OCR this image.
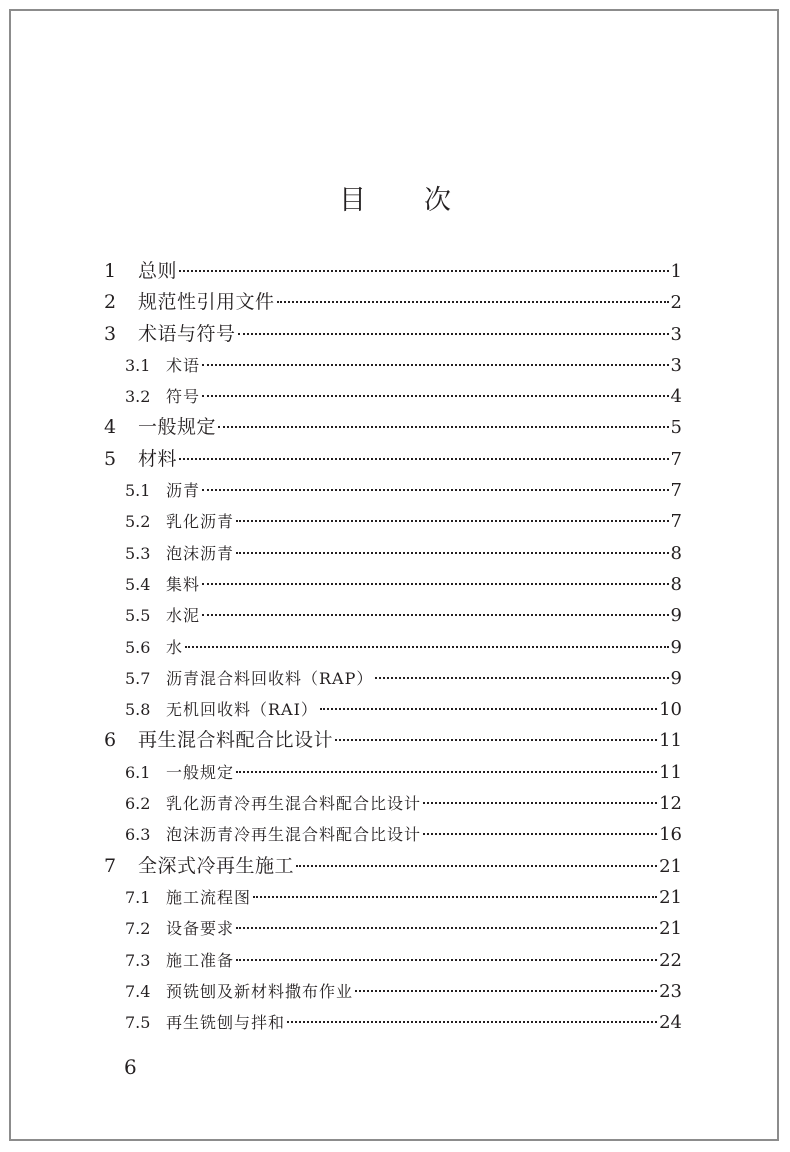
目 次
1	总则	1
2	规范性引用文件	2
3	术语与符号	3
3.1 术语	3
3.2 符号	4
4	一般规定	5
5	材料	7
5.1 沥青	7
5.2 乳化沥青	7
5.3 泡沫沥青	8
5.4 集料	8
5.5 水泥	9
5.6 水	9
5.7 沥青混合料回收料（RAP）	9
5.8 无机回收料（RAI）	10
6	再生混合料配合比设计	11
6.1 一般规定	11
6.2 乳化沥青冷再生混合料配合比设计	12
6.3 泡沫沥青冷再生混合料配合比设计	16
7	全深式冷再生施工	21
7.1 施工流程图	21
7.2 设备要求	21
7.3 施工准备	22
7.4 预铣刨及新材料撒布作业	23
7.5 再生铣刨与拌和	24
6
